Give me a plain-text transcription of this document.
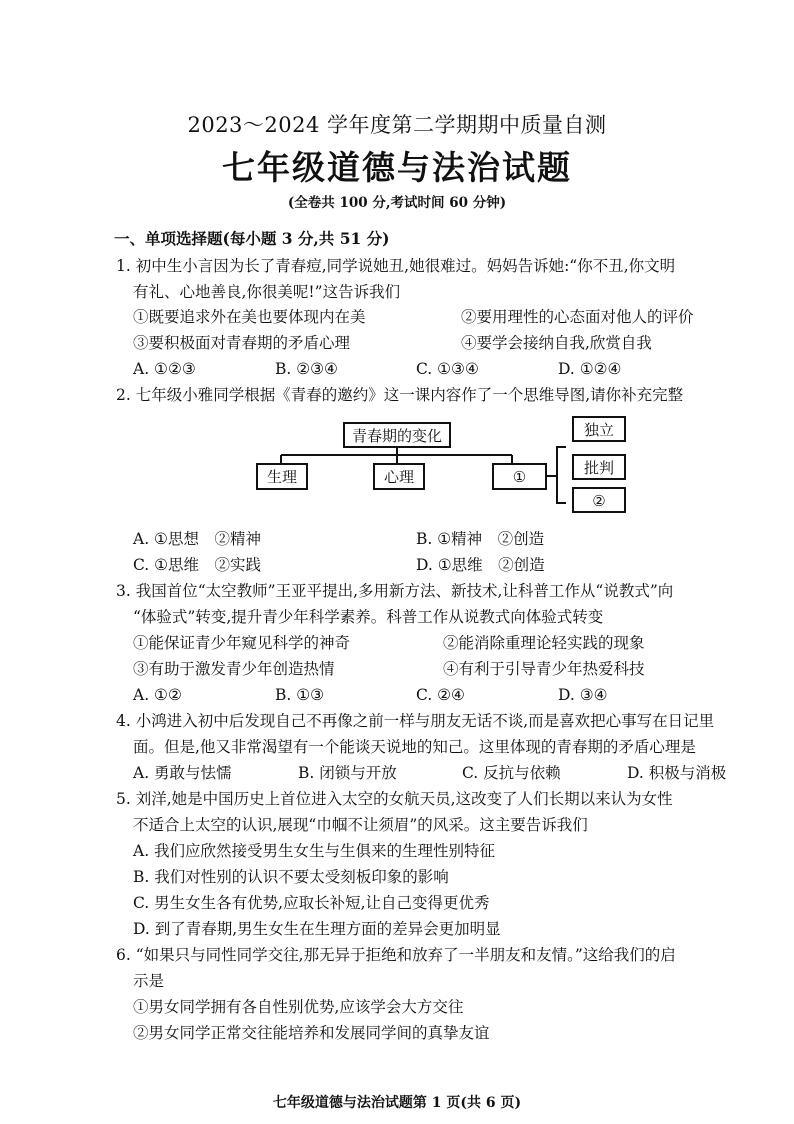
2023～2024 学年度第二学期期中质量自测
七年级道德与法治试题
(全卷共 100 分,考试时间 60 分钟)
一、单项选择题(每小题 3 分,共 51 分)
1. 初中生小言因为长了青春痘,同学说她丑,她很难过。妈妈告诉她:“你不丑,你文明
有礼、心地善良,你很美呢!”这告诉我们
①既要追求外在美也要体现内在美	②要用理性的心态面对他人的评价
③要积极面对青春期的矛盾心理	④要学会接纳自我,欣赏自我
A. ①②③	B. ②③④	C. ①③④	D. ①②④
2. 七年级小雅同学根据《青春的邀约》这一课内容作了一个思维导图,请你补充完整
青春期的变化
生理	心理	①
独立
批判
②
A. ①思想　②精神	B. ①精神　②创造
C. ①思维　②实践	D. ①思维　②创造
3. 我国首位“太空教师”王亚平提出,多用新方法、新技术,让科普工作从“说教式”向
“体验式”转变,提升青少年科学素养。科普工作从说教式向体验式转变
①能保证青少年窥见科学的神奇	②能消除重理论轻实践的现象
③有助于激发青少年创造热情	④有利于引导青少年热爱科技
A. ①②	B. ①③	C. ②④	D. ③④
4. 小鸿进入初中后发现自己不再像之前一样与朋友无话不谈,而是喜欢把心事写在日记里
面。但是,他又非常渴望有一个能谈天说地的知己。这里体现的青春期的矛盾心理是
A. 勇敢与怯懦	B. 闭锁与开放	C. 反抗与依赖	D. 积极与消极
5. 刘洋,她是中国历史上首位进入太空的女航天员,这改变了人们长期以来认为女性
不适合上太空的认识,展现“巾帼不让须眉”的风采。这主要告诉我们
A. 我们应欣然接受男生女生与生俱来的生理性别特征
B. 我们对性别的认识不要太受刻板印象的影响
C. 男生女生各有优势,应取长补短,让自己变得更优秀
D. 到了青春期,男生女生在生理方面的差异会更加明显
6. “如果只与同性同学交往,那无异于拒绝和放弃了一半朋友和友情。”这给我们的启
示是
①男女同学拥有各自性别优势,应该学会大方交往
②男女同学正常交往能培养和发展同学间的真挚友谊
七年级道德与法治试题第 1 页(共 6 页)
